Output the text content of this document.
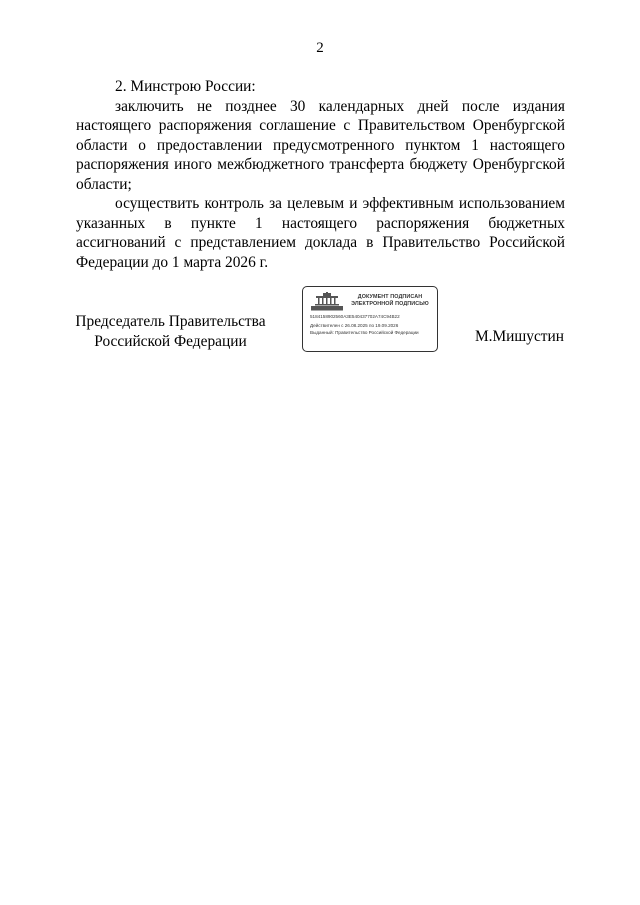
2

2. Минстрою России:

заключить не позднее 30 календарных дней после издания настоящего распоряжения соглашение с Правительством Оренбургской области о предоставлении предусмотренного пунктом 1 настоящего распоряжения иного межбюджетного трансферта бюджету Оренбургской области;

осуществить контроль за целевым и эффективным использованием указанных в пункте 1 настоящего распоряжения бюджетных ассигнований с представлением доклада в Правительство Российской Федерации до 1 марта 2026 г.

Председатель Правительства
Российской Федерации
ДОКУМЕНТ ПОДПИСАН
ЭЛЕКТРОННОЙ ПОДПИСЬЮ
5184158902560A3E540437702A74C94B22
Действителен с 26.08.2025 по 19.09.2026
Выданный: Правительство Российской Федерации	М.Мишустин
